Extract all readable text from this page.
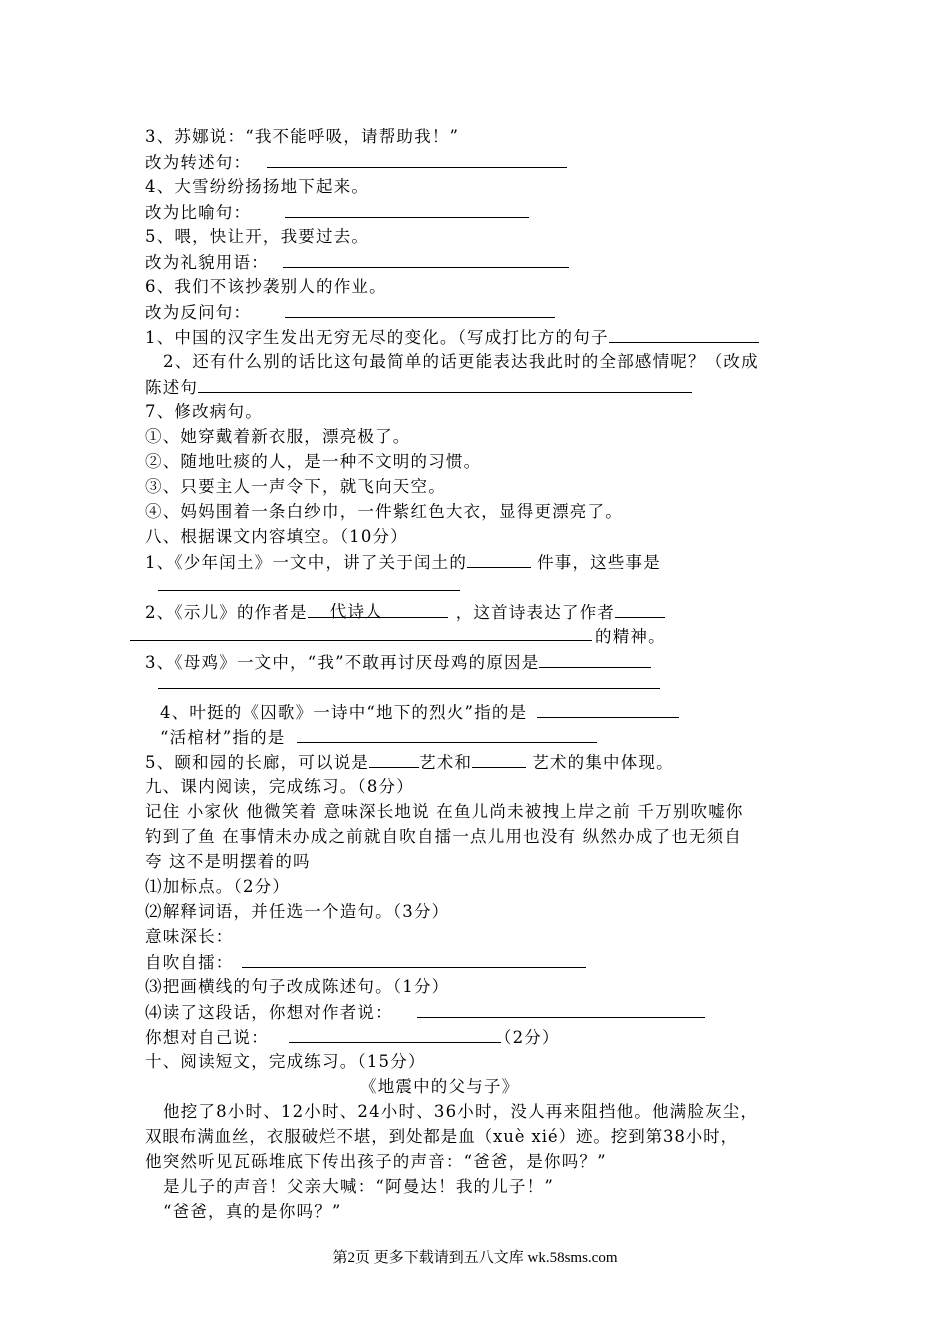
3、苏娜说：“我不能呼吸，请帮助我！”
改为转述句：
4、大雪纷纷扬扬地下起来。
改为比喻句：
5、喂，快让开，我要过去。
改为礼貌用语：
6、我们不该抄袭别人的作业。
改为反问句：
1、中国的汉字生发出无穷无尽的变化。（写成打比方的句子
2、还有什么别的话比这句最简单的话更能表达我此时的全部感情呢？（改成
陈述句
7、修改病句。
①、她穿戴着新衣服，漂亮极了。
②、随地吐痰的人，是一种不文明的习惯。
③、只要主人一声令下，就飞向天空。
④、妈妈围着一条白纱巾，一件紫红色大衣，显得更漂亮了。
八、根据课文内容填空。（10分）
1、《少年闰土》一文中，讲了关于闰土的	件事，这些事是
2、《示儿》的作者是 代诗人	，这首诗表达了作者
的精神。
3、《母鸡》一文中，“我”不敢再讨厌母鸡的原因是
4、叶挺的《囚歌》一诗中“地下的烈火”指的是
“活棺材”指的是
5、颐和园的长廊，可以说是	艺术和	艺术的集中体现。
九、课内阅读，完成练习。（8分）
记住 小家伙 他微笑着 意味深长地说 在鱼儿尚未被拽上岸之前 千万别吹嘘你
钓到了鱼 在事情未办成之前就自吹自擂一点儿用也没有 纵然办成了也无须自
夸 这不是明摆着的吗
⑴加标点。（2分）
⑵解释词语，并任选一个造句。（3分）
意味深长：
自吹自擂：
⑶把画横线的句子改成陈述句。（1分）
⑷读了这段话，你想对作者说：
你想对自己说：	（2分）
十、阅读短文，完成练习。（15分）
《地震中的父与子》
他挖了8小时、12小时、24小时、36小时，没人再来阻挡他。他满脸灰尘，
双眼布满血丝，衣服破烂不堪，到处都是血（xuè xié）迹。挖到第38小时，
他突然听见瓦砾堆底下传出孩子的声音：“爸爸，是你吗？”
是儿子的声音！父亲大喊：“阿曼达！我的儿子！”
“爸爸，真的是你吗？”
第2页 更多下载请到五八文库 wk.58sms.com
